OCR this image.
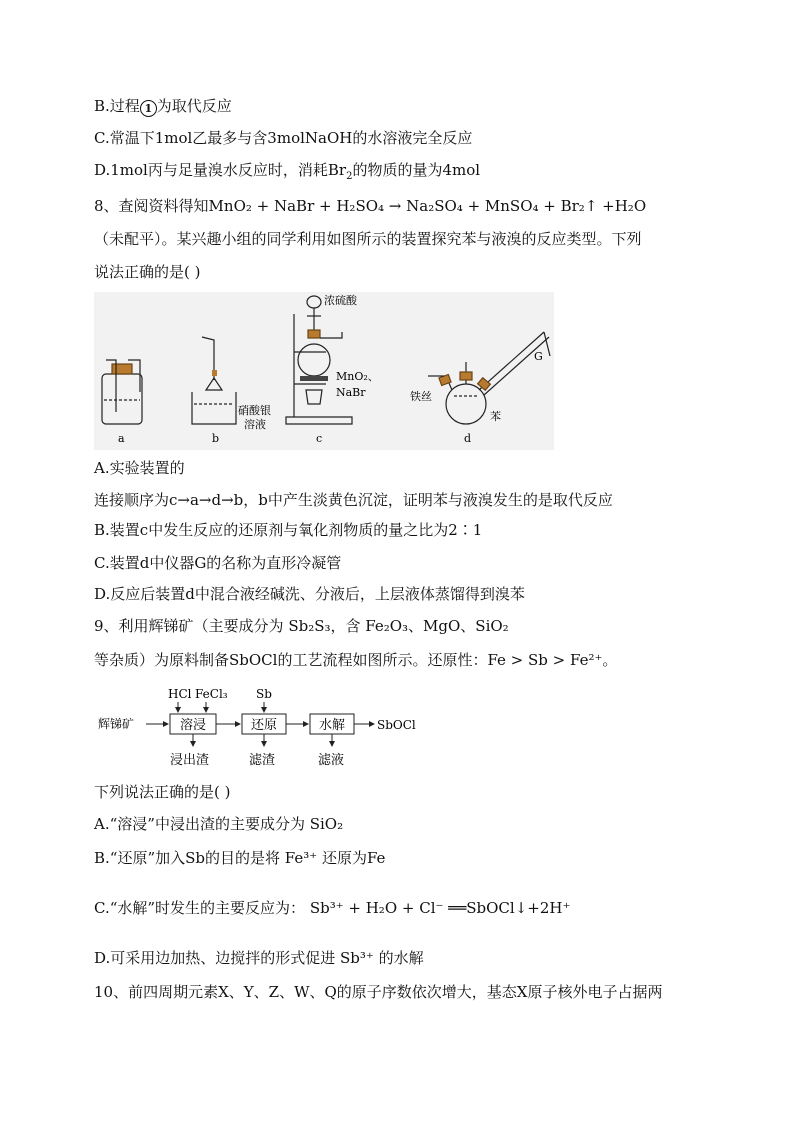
B.过程 1 为取代反应
C.常温下1mol乙最多与含3molNaOH的水溶液完全反应
D.1mol丙与足量溴水反应时，消耗$Br_2$的物质的量为4mol
8、查阅资料得知MnO₂ + NaBr + H₂SO₄ → Na₂SO₄ + MnSO₄ + Br₂↑ +H₂O
（未配平）。某兴趣小组的同学利用如图所示的装置探究苯与液溴的反应类型。下列
说法正确的是( )
a
硝酸银
溶液
b
浓硫酸
MnO₂、
NaBr
c
G
铁丝
苯
d
A.实验装置的
连接顺序为c→a→d→b，b中产生淡黄色沉淀，证明苯与液溴发生的是取代反应
B.装置c中发生反应的还原剂与氧化剂物质的量之比为2∶1
C.装置d中仪器G的名称为直形冷凝管
D.反应后装置d中混合液经碱洗、分液后，上层液体蒸馏得到溴苯
9、利用辉锑矿（主要成分为 Sb₂S₃，含 Fe₂O₃、MgO、SiO₂
等杂质）为原料制备SbOCl的工艺流程如图所示。还原性：Fe > Sb > Fe²⁺。
辉锑矿	溶浸	还原	水解	SbOCl
HCl FeCl₃ Sb
浸出渣	滤渣	滤液
下列说法正确的是( )
A.“溶浸”中浸出渣的主要成分为 SiO₂
B.“还原”加入Sb的目的是将 Fe³⁺ 还原为Fe
C.“水解”时发生的主要反应为： Sb³⁺ + H₂O + Cl⁻ ══SbOCl↓+2H⁺
D.可采用边加热、边搅拌的形式促进 Sb³⁺ 的水解
10、前四周期元素X、Y、Z、W、Q的原子序数依次增大，基态X原子核外电子占据两
